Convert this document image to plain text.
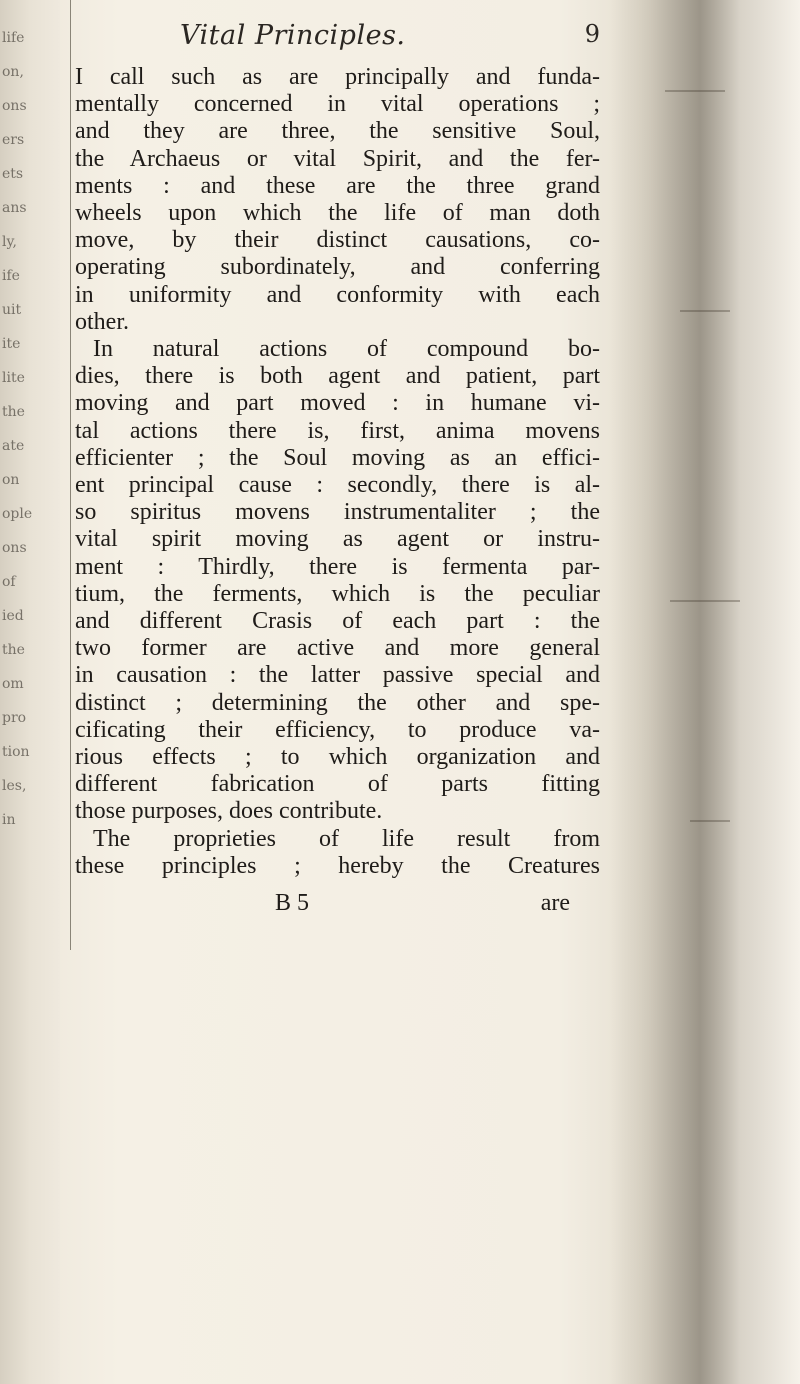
Vital Principles.	9
I call such as are principally and funda-
mentally concerned in vital operations ;
and they are three, the sensitive Soul,
the Archaeus or vital Spirit, and the fer-
ments : and these are the three grand
wheels upon which the life of man doth
move, by their distinct causations, co-
operating subordinately, and conferring
in uniformity and conformity with each
other.
In natural actions of compound bo-
dies, there is both agent and patient, part
moving and part moved : in humane vi-
tal actions there is, first, anima movens
efficienter ; the Soul moving as an effici-
ent principal cause : secondly, there is al-
so spiritus movens instrumentaliter ; the
vital spirit moving as agent or instru-
ment : Thirdly, there is fermenta par-
tium, the ferments, which is the peculiar
and different Crasis of each part : the
two former are active and more general
in causation : the latter passive special and
distinct ; determining the other and spe-
cificating their efficiency, to produce va-
rious effects ; to which organization and
different fabrication of parts fitting
those purposes, does contribute.
The proprieties of life result from
these principles ; hereby the Creatures
B 5	are
life
on,
ons
ers
ets
ans
ly,
ife
uit
ite
lite
the
ate
on
ople
ons
of
ied
the
om
pro
tion
les,
in
